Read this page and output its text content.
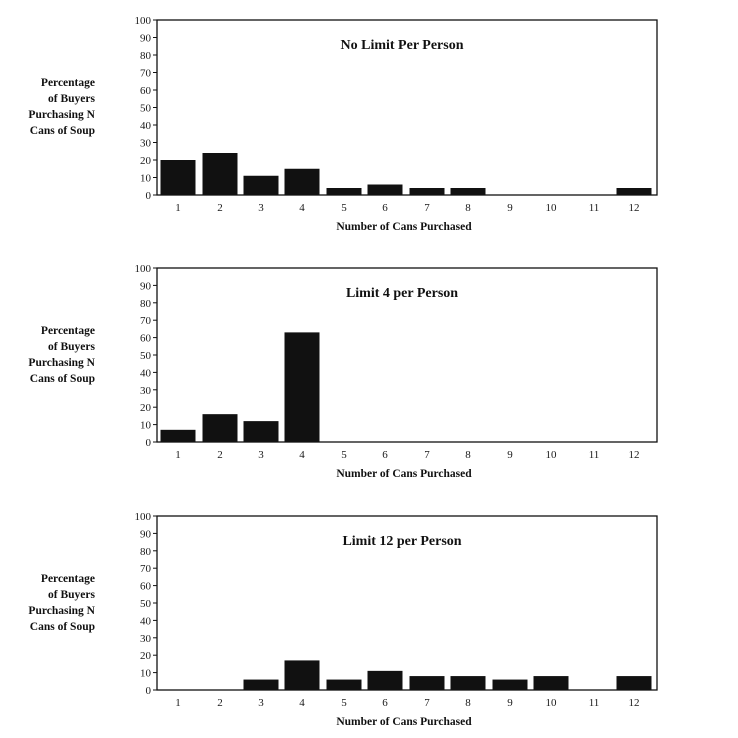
0
10
20
30
40
50
60
70
80
90
100
1	2	3	4	5	6	7	8	9	10	11	12
No Limit Per Person
Number of Cans Purchased
Percentage of Buyers Purchasing N Cans of Soup
0
10
20
30
40
50
60
70
80
90
100
1	2	3	4	5	6	7	8	9	10	11	12
Limit 4 per Person
Number of Cans Purchased
Percentage of Buyers Purchasing N Cans of Soup
0
10
20
30
40
50
60
70
80
90
100
1	2	3	4	5	6	7	8	9	10	11	12
Limit 12 per Person
Number of Cans Purchased
Percentage of Buyers Purchasing N Cans of Soup
